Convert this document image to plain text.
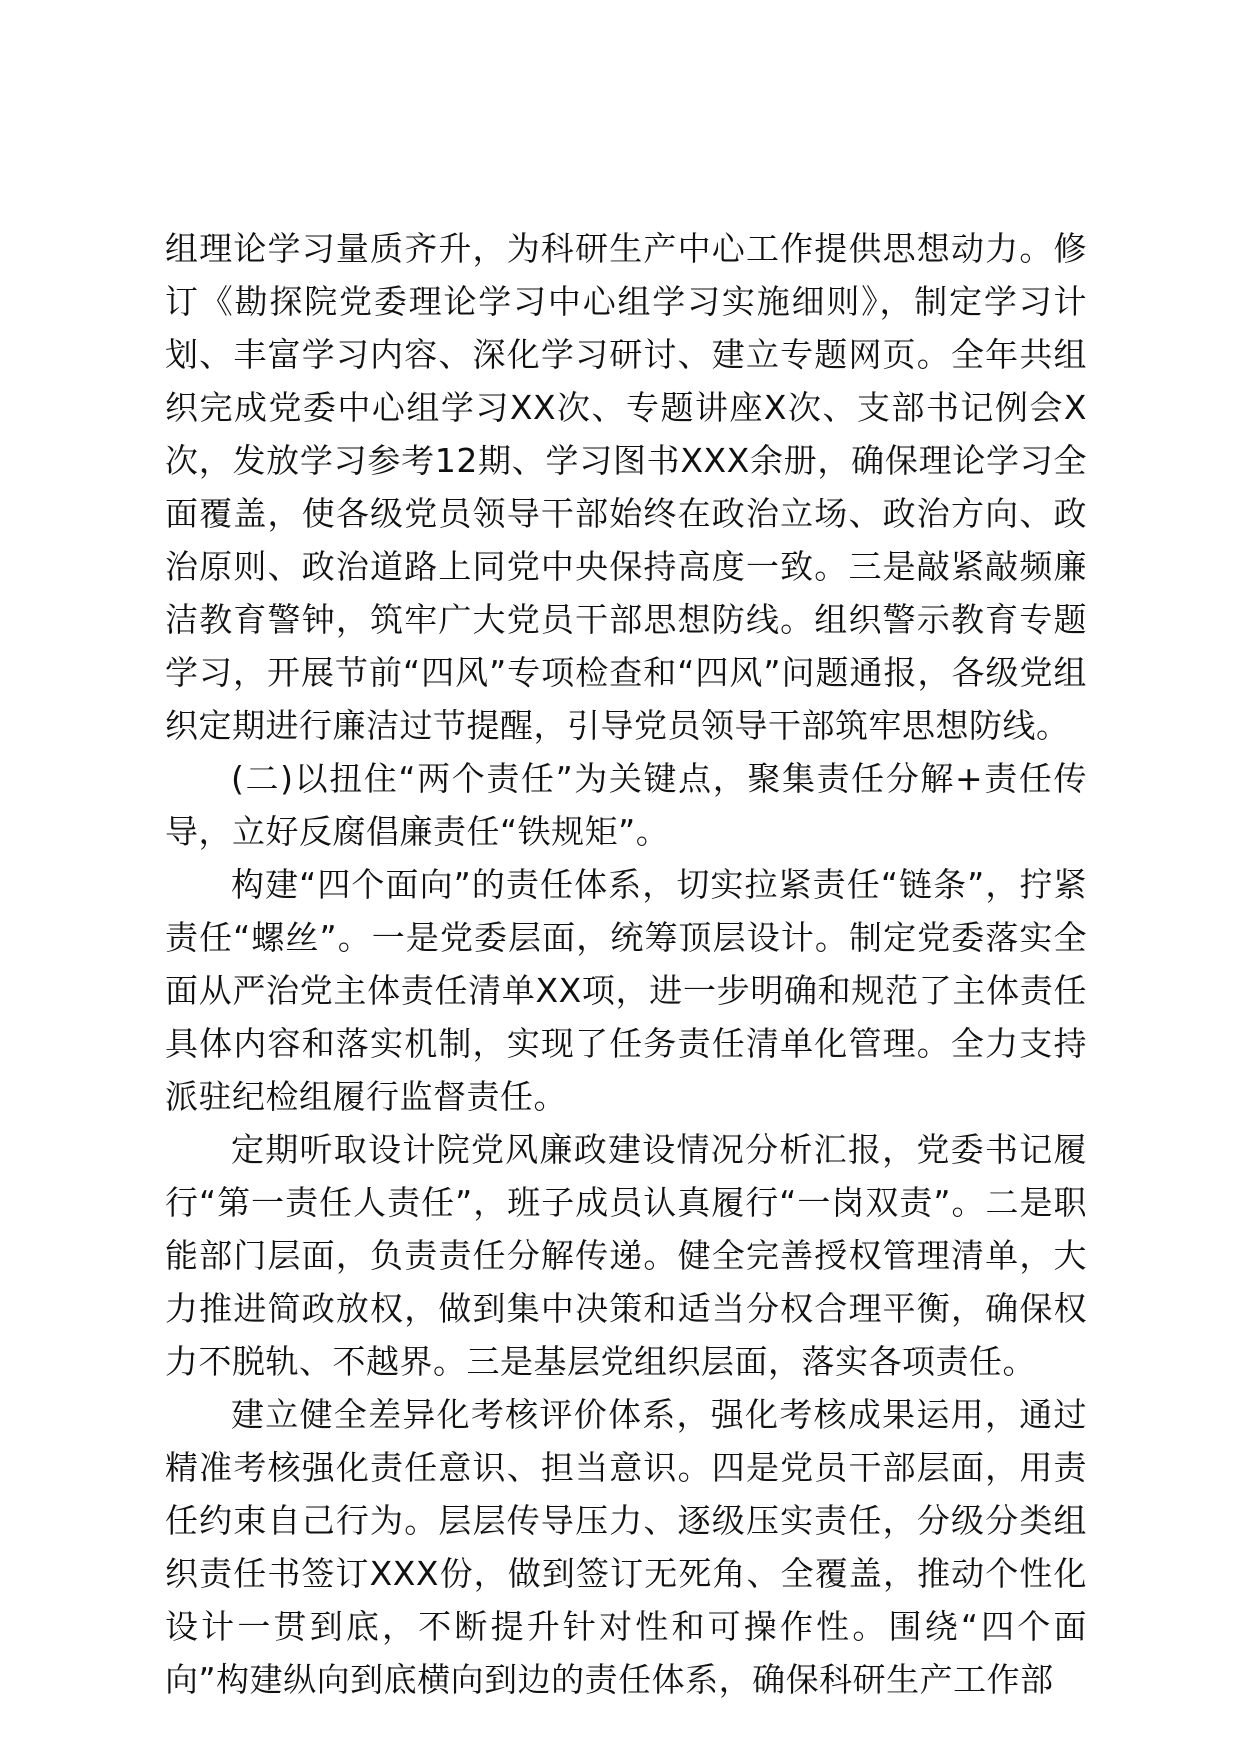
组理论学习量质齐升，为科研生产中心工作提供思想动力。修订《勘探院党委理论学习中心组学习实施细则》，制定学习计划、丰富学习内容、深化学习研讨、建立专题网页。全年共组织完成党委中心组学习XX次、专题讲座X次、支部书记例会X次，发放学习参考12期、学习图书XXX余册，确保理论学习全面覆盖，使各级党员领导干部始终在政治立场、政治方向、政治原则、政治道路上同党中央保持高度一致。三是敲紧敲频廉洁教育警钟，筑牢广大党员干部思想防线。组织警示教育专题学习，开展节前“四风”专项检查和“四风”问题通报，各级党组织定期进行廉洁过节提醒，引导党员领导干部筑牢思想防线。

(二)以扭住“两个责任”为关键点，聚集责任分解+责任传导，立好反腐倡廉责任“铁规矩”。

构建“四个面向”的责任体系，切实拉紧责任“链条”，拧紧责任“螺丝”。一是党委层面，统筹顶层设计。制定党委落实全面从严治党主体责任清单XX项，进一步明确和规范了主体责任具体内容和落实机制，实现了任务责任清单化管理。全力支持派驻纪检组履行监督责任。

定期听取设计院党风廉政建设情况分析汇报，党委书记履行“第一责任人责任”，班子成员认真履行“一岗双责”。二是职能部门层面，负责责任分解传递。健全完善授权管理清单，大力推进简政放权，做到集中决策和适当分权合理平衡，确保权力不脱轨、不越界。三是基层党组织层面，落实各项责任。

建立健全差异化考核评价体系，强化考核成果运用，通过精准考核强化责任意识、担当意识。四是党员干部层面，用责任约束自己行为。层层传导压力、逐级压实责任，分级分类组织责任书签订XXX份，做到签订无死角、全覆盖，推动个性化设计一贯到底，不断提升针对性和可操作性。围绕“四个面向”构建纵向到底横向到边的责任体系，确保科研生产工作部
